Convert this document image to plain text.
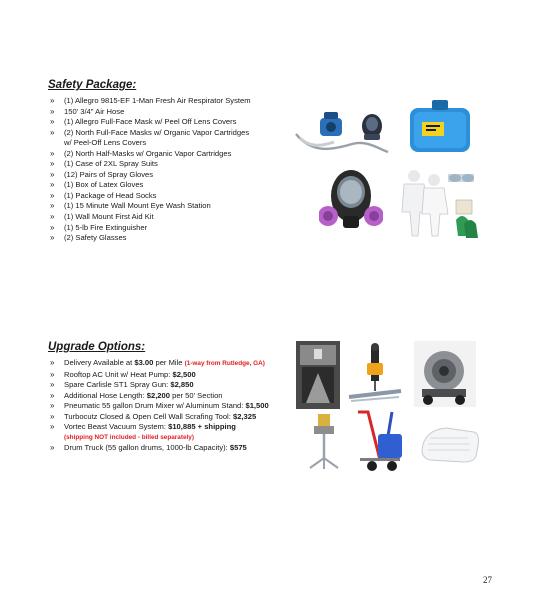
Safety Package:
» (1) Allegro 9815-EF 1-Man Fresh Air Respirator System
» 150' 3/4" Air Hose
» (1) Allegro Full-Face Mask w/ Peel Off Lens Covers
» (2) North Full-Face Masks w/ Organic Vapor Cartridges
w/ Peel-Off Lens Covers
» (2) North Half-Masks w/ Organic Vapor Cartridges
» (1) Case of 2XL Spray Suits
» (12) Pairs of Spray Gloves
» (1) Box of Latex Gloves
» (1) Package of Head Socks
» (1) 15 Minute Wall Mount Eye Wash Station
» (1) Wall Mount First Aid Kit
» (1) 5-lb Fire Extinguisher
» (2) Safety Glasses
Upgrade Options:
» Delivery Available at $3.00 per Mile (1-way from Rutledge, GA)
» Rooftop AC Unit w/ Heat Pump: $2,500
» Spare Carlisle ST1 Spray Gun: $2,850
» Additional Hose Length: $2,200 per 50' Section
» Pneumatic 55 gallon Drum Mixer w/ Aluminum Stand: $1,500
» Turbocutz Closed & Open Cell Wall Scrafing Tool: $2,325
» Vortec Beast Vacuum System: $10,885 + shipping
(shipping NOT included - billed separately)
» Drum Truck (55 gallon drums, 1000-lb Capacity): $575
27
